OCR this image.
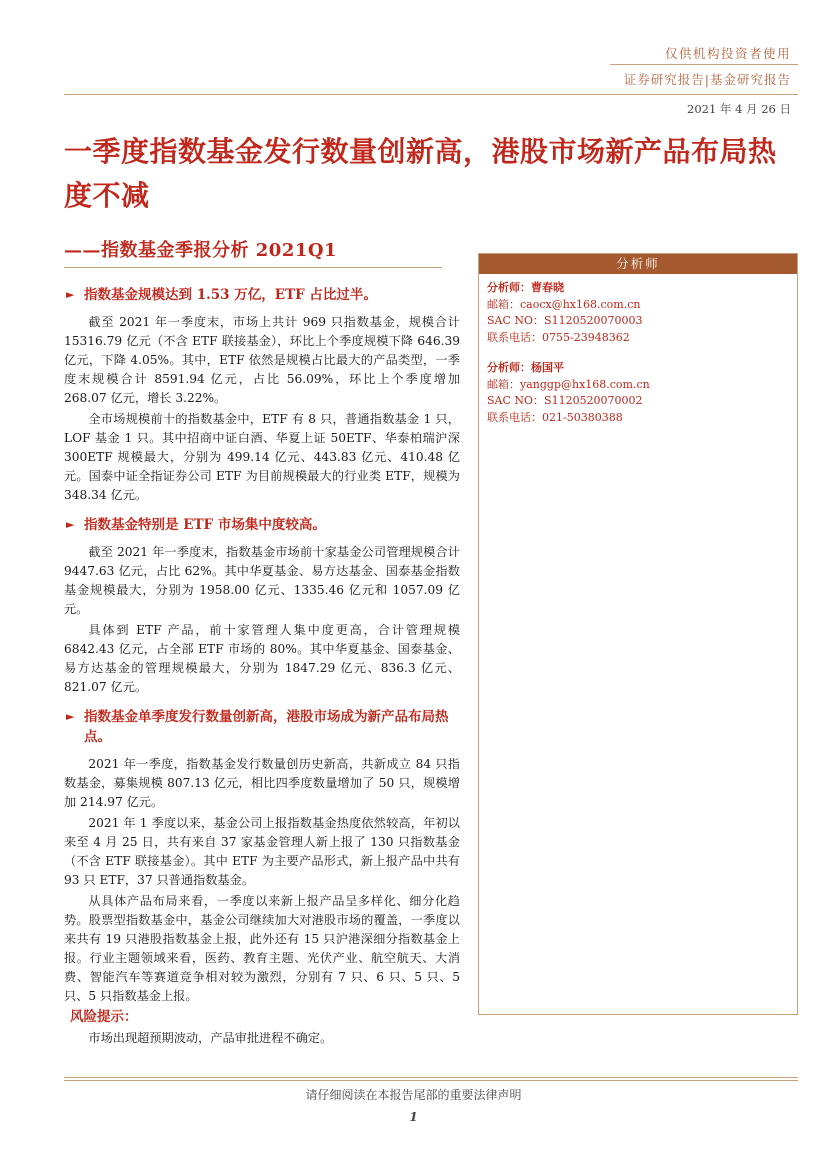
仅供机构投资者使用
证券研究报告|基金研究报告
2021 年 4 月 26 日
一季度指数基金发行数量创新高，港股市场新产品布局热度不减
——指数基金季报分析 2021Q1
► 指数基金规模达到 1.53 万亿，ETF 占比过半。

截至 2021 年一季度末，市场上共计 969 只指数基金，规模合计 15316.79 亿元（不含 ETF 联接基金），环比上个季度规模下降 646.39 亿元，下降 4.05%。其中，ETF 依然是规模占比最大的产品类型，一季度末规模合计 8591.94 亿元，占比 56.09%，环比上个季度增加 268.07 亿元，增长 3.22%。

全市场规模前十的指数基金中，ETF 有 8 只，普通指数基金 1 只，LOF 基金 1 只。其中招商中证白酒、华夏上证 50ETF、华泰柏瑞沪深 300ETF 规模最大，分别为 499.14 亿元、443.83 亿元、410.48 亿元。国泰中证全指证券公司 ETF 为目前规模最大的行业类 ETF，规模为 348.34 亿元。

► 指数基金特别是 ETF 市场集中度较高。

截至 2021 年一季度末，指数基金市场前十家基金公司管理规模合计 9447.63 亿元，占比 62%。其中华夏基金、易方达基金、国泰基金指数基金规模最大，分别为 1958.00 亿元、1335.46 亿元和 1057.09 亿元。

具体到 ETF 产品，前十家管理人集中度更高，合计管理规模 6842.43 亿元，占全部 ETF 市场的 80%。其中华夏基金、国泰基金、易方达基金的管理规模最大，分别为 1847.29 亿元、836.3 亿元、821.07 亿元。

► 指数基金单季度发行数量创新高，港股市场成为新产品布局热点。

2021 年一季度，指数基金发行数量创历史新高，共新成立 84 只指数基金，募集规模 807.13 亿元，相比四季度数量增加了 50 只，规模增加 214.97 亿元。

2021 年 1 季度以来，基金公司上报指数基金热度依然较高，年初以来至 4 月 25 日，共有来自 37 家基金管理人新上报了 130 只指数基金（不含 ETF 联接基金）。其中 ETF 为主要产品形式，新上报产品中共有 93 只 ETF，37 只普通指数基金。

从具体产品布局来看，一季度以来新上报产品呈多样化、细分化趋势。股票型指数基金中，基金公司继续加大对港股市场的覆盖，一季度以来共有 19 只港股指数基金上报，此外还有 15 只沪港深细分指数基金上报。行业主题领域来看，医药、教育主题、光伏产业、航空航天、大消费、智能汽车等赛道竞争相对较为激烈，分别有 7 只、6 只、5 只、5 只、5 只指数基金上报。

风险提示：

市场出现超预期波动，产品审批进程不确定。

分析师
分析师：曹春晓
邮箱：caocx@hx168.com.cn
SAC NO：S1120520070003
联系电话：0755-23948362
分析师：杨国平
邮箱：yanggp@hx168.com.cn
SAC NO：S1120520070002
联系电话：021-50380388
请仔细阅读在本报告尾部的重要法律声明
1
